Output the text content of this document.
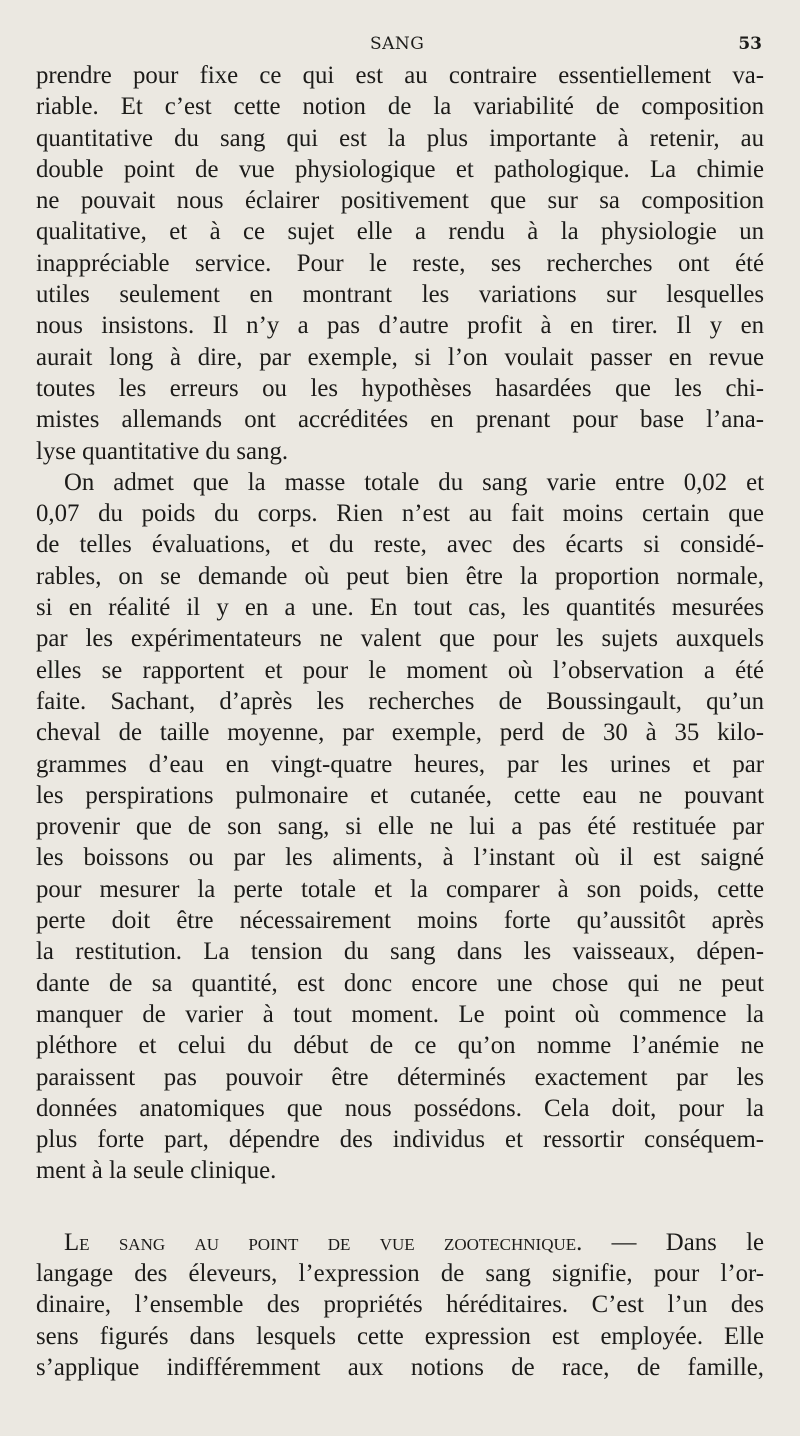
SANG	53
prendre pour fixe ce qui est au contraire essentiellement va-
riable. Et c’est cette notion de la variabilité de composition
quantitative du sang qui est la plus importante à retenir, au
double point de vue physiologique et pathologique. La chimie
ne pouvait nous éclairer positivement que sur sa composition
qualitative, et à ce sujet elle a rendu à la physiologie un
inappréciable service. Pour le reste, ses recherches ont été
utiles seulement en montrant les variations sur lesquelles
nous insistons. Il n’y a pas d’autre profit à en tirer. Il y en
aurait long à dire, par exemple, si l’on voulait passer en revue
toutes les erreurs ou les hypothèses hasardées que les chi-
mistes allemands ont accréditées en prenant pour base l’ana-
lyse quantitative du sang.
On admet que la masse totale du sang varie entre 0,02 et
0,07 du poids du corps. Rien n’est au fait moins certain que
de telles évaluations, et du reste, avec des écarts si considé-
rables, on se demande où peut bien être la proportion normale,
si en réalité il y en a une. En tout cas, les quantités mesurées
par les expérimentateurs ne valent que pour les sujets auxquels
elles se rapportent et pour le moment où l’observation a été
faite. Sachant, d’après les recherches de Boussingault, qu’un
cheval de taille moyenne, par exemple, perd de 30 à 35 kilo-
grammes d’eau en vingt-quatre heures, par les urines et par
les perspirations pulmonaire et cutanée, cette eau ne pouvant
provenir que de son sang, si elle ne lui a pas été restituée par
les boissons ou par les aliments, à l’instant où il est saigné
pour mesurer la perte totale et la comparer à son poids, cette
perte doit être nécessairement moins forte qu’aussitôt après
la restitution. La tension du sang dans les vaisseaux, dépen-
dante de sa quantité, est donc encore une chose qui ne peut
manquer de varier à tout moment. Le point où commence la
pléthore et celui du début de ce qu’on nomme l’anémie ne
paraissent pas pouvoir être déterminés exactement par les
données anatomiques que nous possédons. Cela doit, pour la
plus forte part, dépendre des individus et ressortir conséquem-
ment à la seule clinique.
Le sang au point de vue zootechnique. — Dans le
langage des éleveurs, l’expression de sang signifie, pour l’or-
dinaire, l’ensemble des propriétés héréditaires. C’est l’un des
sens figurés dans lesquels cette expression est employée. Elle
s’applique indifféremment aux notions de race, de famille,
